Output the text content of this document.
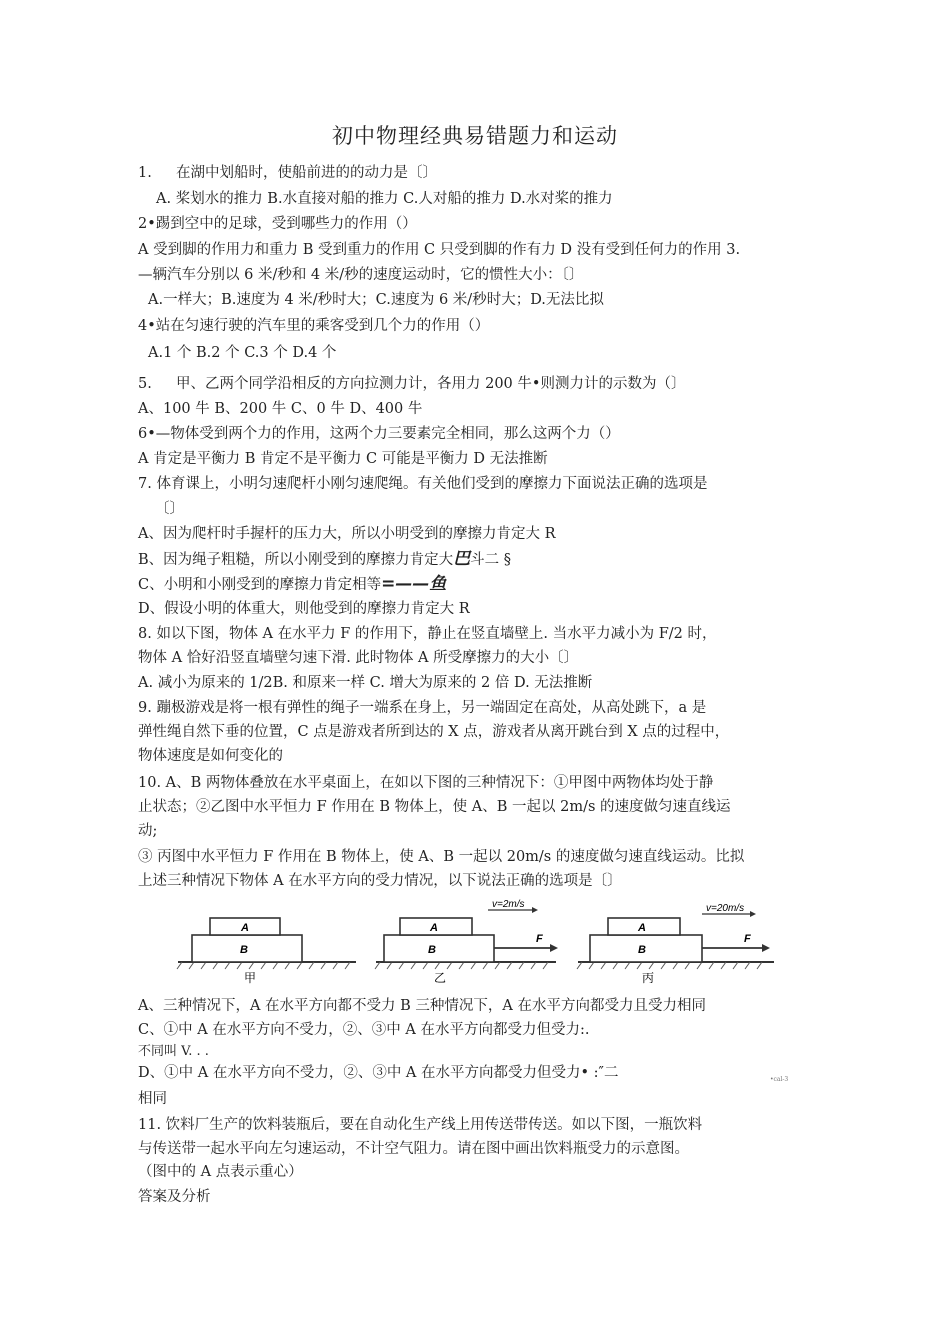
初中物理经典易错题力和运动
1. 在湖中划船时，使船前进的的动力是〔〕
A. 桨划水的推力 B.水直接对船的推力 C.人对船的推力 D.水对桨的推力
2•踢到空中的足球，受到哪些力的作用（）
A 受到脚的作用力和重力 B 受到重力的作用 C 只受到脚的作有力 D 没有受到任何力的作用 3.
—辆汽车分别以 6 米/秒和 4 米/秒的速度运动时，它的惯性大小：〔〕
A.一样大；B.速度为 4 米/秒时大；C.速度为 6 米/秒时大；D.无法比拟
4•站在匀速行驶的汽车里的乘客受到几个力的作用（）
A.1 个 B.2 个 C.3 个 D.4 个
5. 甲、乙两个同学沿相反的方向拉测力计，各用力 200 牛•则测力计的示数为（〕
A、100 牛 B、200 牛 C、0 牛 D、400 牛
6•—物体受到两个力的作用，这两个力三要素完全相同，那么这两个力（）
A 肯定是平衡力 B 肯定不是平衡力 C 可能是平衡力 D 无法推断
7. 体育课上，小明匀速爬杆小刚匀速爬绳。有关他们受到的摩擦力下面说法正确的选项是
〔〕
A、因为爬杆时手握杆的压力大，所以小明受到的摩擦力肯定大 R
B、因为绳子粗糙，所以小刚受到的摩擦力肯定大巴斗二 §
C、小明和小刚受到的摩擦力肯定相等=——鱼
D、假设小明的体重大，则他受到的摩擦力肯定大 R
8. 如以下图，物体 A 在水平力 F 的作用下，静止在竖直墙壁上. 当水平力减小为 F/2 时，
物体 A 恰好沿竖直墙壁匀速下滑. 此时物体 A 所受摩擦力的大小〔〕
A. 减小为原来的 1/2B. 和原来一样 C. 增大为原来的 2 倍 D. 无法推断
9. 蹦极游戏是将一根有弹性的绳子一端系在身上，另一端固定在高处，从高处跳下，a 是
弹性绳自然下垂的位置，C 点是游戏者所到达的 X 点，游戏者从离开跳台到 X 点的过程中，
物体速度是如何变化的
10. A、B 两物体叠放在水平桌面上，在如以下图的三种情况下：①甲图中两物体均处于静
止状态；②乙图中水平恒力 F 作用在 B 物体上，使 A、B 一起以 2m/s 的速度做匀速直线运
动;
③ 丙图中水平恒力 F 作用在 B 物体上，使 A、B 一起以 20m/s 的速度做匀速直线运动。比拟
上述三种情况下物体 A 在水平方向的受力情况，以下说法正确的选项是〔〕
A
B
甲
A
B
F
v=2m/s
乙
A
B
F
v=20m/s
丙
A、三种情况下，A 在水平方向都不受力 B 三种情况下，A 在水平方向都受力且受力相同
C、①中 A 在水平方向不受力，②、③中 A 在水平方向都受力但受力:.
不同叫 V. . .
D、①中 A 在水平方向不受力，②、③中 A 在水平方向都受力但受力• :″二	•cal-3
相同
11. 饮料厂生产的饮料装瓶后，要在自动化生产线上用传送带传送。如以下图，一瓶饮料
与传送带一起水平向左匀速运动，不计空气阻力。请在图中画出饮料瓶受力的示意图。
（图中的 A 点表示重心）
答案及分析
